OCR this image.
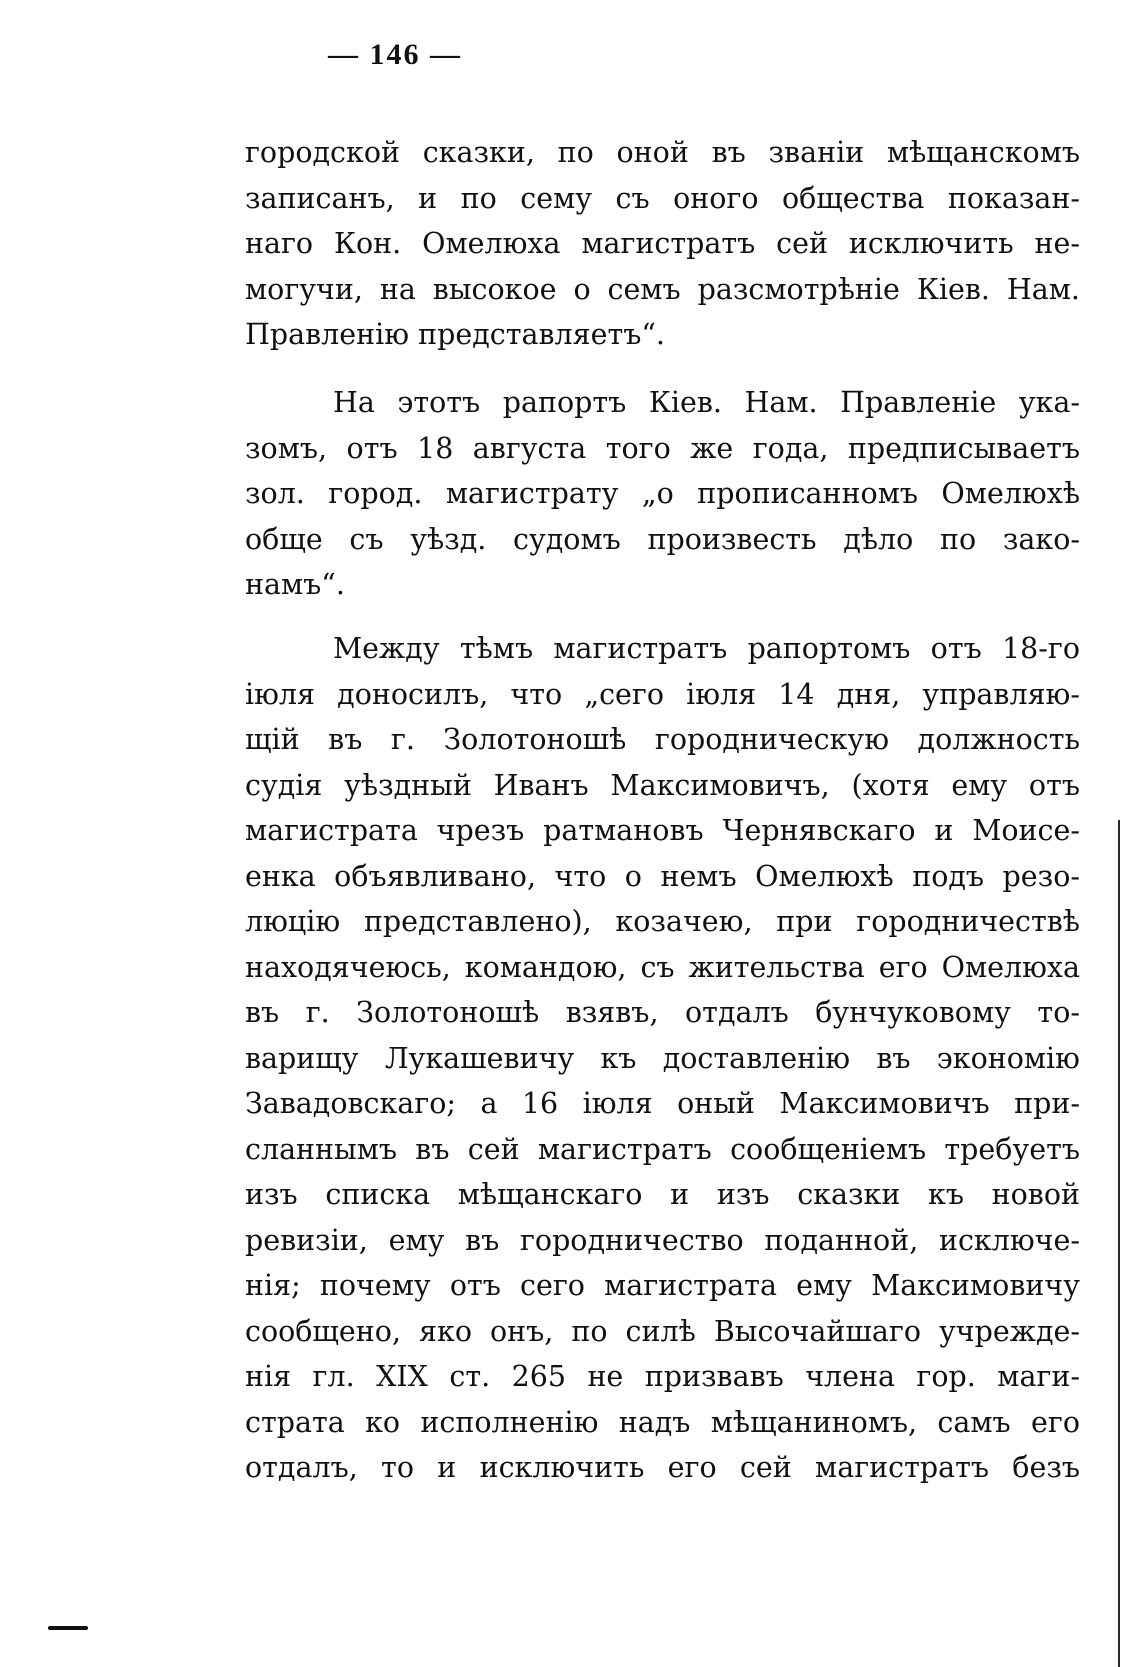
— 146 —
городской сказки, по оной въ званіи мѣщанскомъ
записанъ, и по сему съ оного общества показан-
наго Кон. Омелюха магистратъ сей исключить не-
могучи, на высокое о семъ разсмотрѣніе Кіев. Нам.
Правленію представляетъ“.
На этотъ рапортъ Кіев. Нам. Правленіе ука-
зомъ, отъ 18 августа того же года, предписываетъ
зол. город. магистрату „о прописанномъ Омелюхѣ
обще съ уѣзд. судомъ произвесть дѣло по зако-
намъ“.
Между тѣмъ магистратъ рапортомъ отъ 18-го
іюля доносилъ, что „сего іюля 14 дня, управляю-
щій въ г. Золотоношѣ городническую должность
судія уѣздный Иванъ Максимовичъ, (хотя ему отъ
магистрата чрезъ ратмановъ Чернявскаго и Моисе-
енка объявливано, что о немъ Омелюхѣ подъ резо-
люцію представлено), козачею, при городничествѣ
находячеюсь, командою, съ жительства его Омелюха
въ г. Золотоношѣ взявъ, отдалъ бунчуковому то-
варищу Лукашевичу къ доставленію въ экономію
Завадовскаго; а 16 іюля оный Максимовичъ при-
сланнымъ въ сей магистратъ сообщеніемъ требуетъ
изъ списка мѣщанскаго и изъ сказки къ новой
ревизіи, ему въ городничество поданной, исключе-
нія; почему отъ сего магистрата ему Максимовичу
сообщено, яко онъ, по силѣ Высочайшаго учрежде-
нія гл. XIX ст. 265 не призвавъ члена гор. маги-
страта ко исполненію надъ мѣщаниномъ, самъ его
отдалъ, то и исключить его сей магистратъ безъ
